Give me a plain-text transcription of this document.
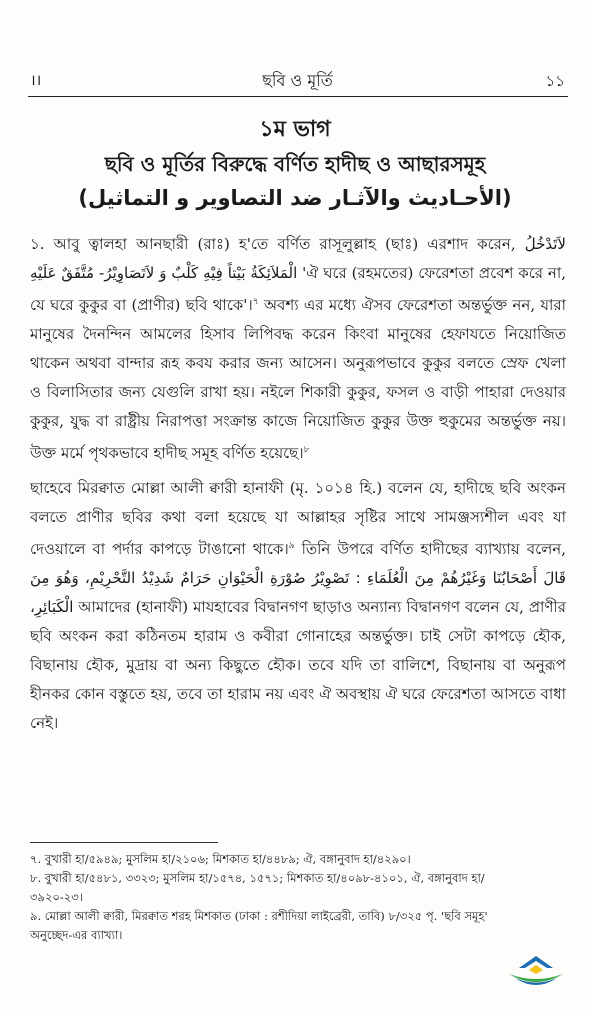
।।	ছবি ও মূর্তি	১১
১ম ভাগ
ছবি ও মূর্তির বিরুদ্ধে বর্ণিত হাদীছ ও আছারসমূহ
(الأحـاديث والآثـار ضد التصاوير و التماثيل)

১. আবু ত্বালহা আনছারী (রাঃ) হ'তে বর্ণিত রাসূলুল্লাহ (ছাঃ) এরশাদ করেন, لاَتَدْخُلُ الْمَلاَئِكَةُ بَيْتاً فِيْهِ كَلْبٌ وَ لاَتَصَاوِيْرُ- مُتَّفَقٌ عَلَيْهِ 'ঐ ঘরে (রহমতের) ফেরেশতা প্রবেশ করে না, যে ঘরে কুকুর বা (প্রাণীর) ছবি থাকে'।$^৭$ অবশ্য এর মধ্যে ঐসব ফেরেশতা অন্তর্ভুক্ত নন, যারা মানুষের দৈনন্দিন আমলের হিসাব লিপিবদ্ধ করেন কিংবা মানুষের হেফাযতে নিয়োজিত থাকেন অথবা বান্দার রূহ কবয করার জন্য আসেন। অনুরূপভাবে কুকুর বলতে স্রেফ খেলা ও বিলাসিতার জন্য যেগুলি রাখা হয়। নইলে শিকারী কুকুর, ফসল ও বাড়ী পাহারা দেওয়ার কুকুর, যুদ্ধ বা রাষ্ট্রীয় নিরাপত্তা সংক্রান্ত কাজে নিয়োজিত কুকুর উক্ত হুকুমের অন্তর্ভুক্ত নয়। উক্ত মর্মে পৃথকভাবে হাদীছ সমূহ বর্ণিত হয়েছে।$^৮$

ছাহেবে মিরক্বাত মোল্লা আলী ক্বারী হানাফী (মৃ. ১০১৪ হি.) বলেন যে, হাদীছে ছবি অংকন বলতে প্রাণীর ছবির কথা বলা হয়েছে যা আল্লাহর সৃষ্টির সাথে সামঞ্জস্যশীল এবং যা দেওয়ালে বা পর্দার কাপড়ে টাঙানো থাকে।$^৯$ তিনি উপরে বর্ণিত হাদীছের ব্যাখ্যায় বলেন, قَالَ أَصْحَابُنَا وَغَيْرُهُمْ مِنَ الْعُلَمَاءِ : تَصْوِيْرُ صُوْرَةِ الْحَيْوَانِ حَرَامٌ شَدِيْدُ التَّحْرِيْمِ، وَهُوَ مِنَ الْكَبَائِرِ، আমাদের (হানাফী) মাযহাবের বিদ্বানগণ ছাড়াও অন্যান্য বিদ্বানগণ বলেন যে, প্রাণীর ছবি অংকন করা কঠিনতম হারাম ও কবীরা গোনাহের অন্তর্ভুক্ত। চাই সেটা কাপড়ে হৌক, বিছানায় হৌক, মুদ্রায় বা অন্য কিছুতে হৌক। তবে যদি তা বালিশে, বিছানায় বা অনুরূপ হীনকর কোন বস্তুতে হয়, তবে তা হারাম নয় এবং ঐ অবস্থায় ঐ ঘরে ফেরেশতা আসতে বাধা নেই।

৭. বুখারী হা/৫৯৪৯; মুসলিম হা/২১০৬; মিশকাত হা/৪৪৮৯; ঐ, বঙ্গানুবাদ হা/৪২৯০।
৮. বুখারী হা/৫৪৮১, ৩৩২৩; মুসলিম হা/১৫৭৪, ১৫৭১; মিশকাত হা/৪০৯৮-৪১০১, ঐ, বঙ্গানুবাদ হা/৩৯২০-২৩।
৯. মোল্লা আলী ক্বারী, মিরক্বাত শরহ মিশকাত (ঢাকা : রশীদিয়া লাইব্রেরী, তাবি) ৮/৩২৫ পৃ. 'ছবি সমূহ' অনুচ্ছেদ-এর ব্যাখ্যা।
